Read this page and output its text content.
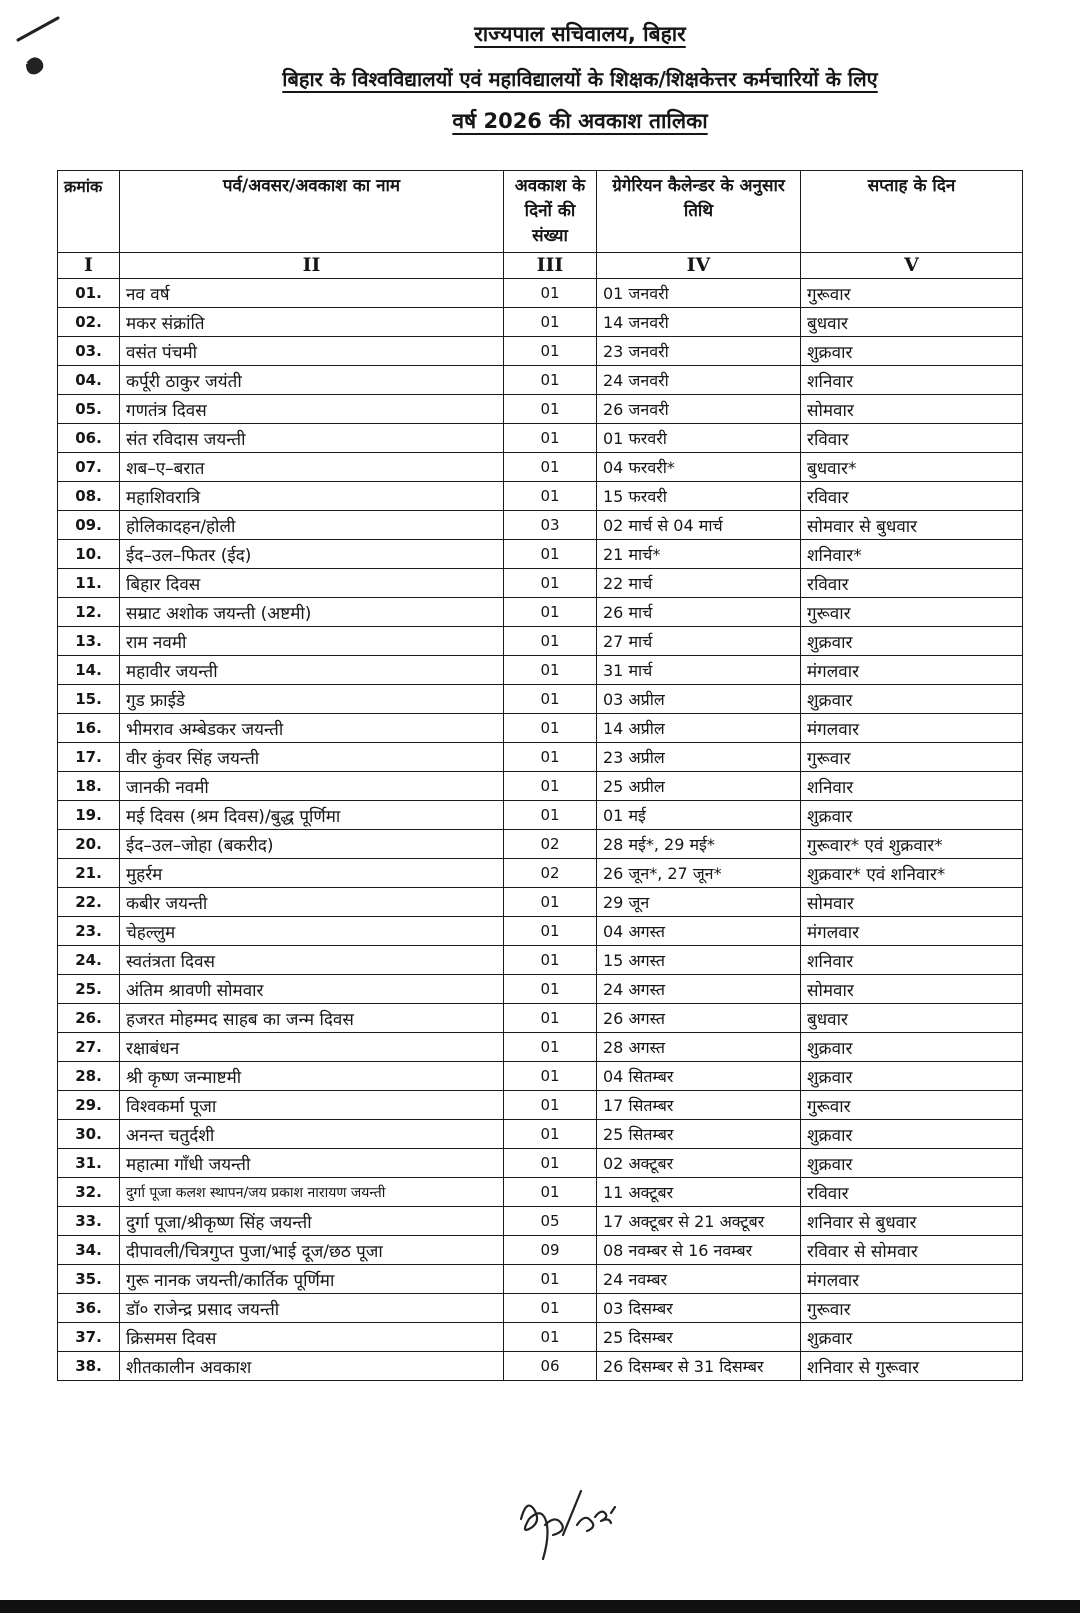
राज्यपाल सचिवालय, बिहार

बिहार के विश्वविद्यालयों एवं महाविद्यालयों के शिक्षक/शिक्षकेत्तर कर्मचारियों के लिए

वर्ष 2026 की अवकाश तालिका

क्रमांक	पर्व/अवसर/अवकाश का नाम	अवकाश के दिनों की संख्या	ग्रेगेरियन कैलेन्डर के अनुसार तिथि	सप्ताह के दिन
I	II	III	IV	V
01.	नव वर्ष	01	01 जनवरी	गुरूवार
02.	मकर संक्रांति	01	14 जनवरी	बुधवार
03.	वसंत पंचमी	01	23 जनवरी	शुक्रवार
04.	कर्पूरी ठाकुर जयंती	01	24 जनवरी	शनिवार
05.	गणतंत्र दिवस	01	26 जनवरी	सोमवार
06.	संत रविदास जयन्ती	01	01 फरवरी	रविवार
07.	शब–ए–बरात	01	04 फरवरी*	बुधवार*
08.	महाशिवरात्रि	01	15 फरवरी	रविवार
09.	होलिकादहन/होली	03	02 मार्च से 04 मार्च	सोमवार से बुधवार
10.	ईद–उल–फितर (ईद)	01	21 मार्च*	शनिवार*
11.	बिहार दिवस	01	22 मार्च	रविवार
12.	सम्राट अशोक जयन्ती (अष्टमी)	01	26 मार्च	गुरूवार
13.	राम नवमी	01	27 मार्च	शुक्रवार
14.	महावीर जयन्ती	01	31 मार्च	मंगलवार
15.	गुड फ्राईडे	01	03 अप्रील	शुक्रवार
16.	भीमराव अम्बेडकर जयन्ती	01	14 अप्रील	मंगलवार
17.	वीर कुंवर सिंह जयन्ती	01	23 अप्रील	गुरूवार
18.	जानकी नवमी	01	25 अप्रील	शनिवार
19.	मई दिवस (श्रम दिवस)/बुद्ध पूर्णिमा	01	01 मई	शुक्रवार
20.	ईद–उल–जोहा (बकरीद)	02	28 मई*, 29 मई*	गुरूवार* एवं शुक्रवार*
21.	मुहर्रम	02	26 जून*, 27 जून*	शुक्रवार* एवं शनिवार*
22.	कबीर जयन्ती	01	29 जून	सोमवार
23.	चेहल्लुम	01	04 अगस्त	मंगलवार
24.	स्वतंत्रता दिवस	01	15 अगस्त	शनिवार
25.	अंतिम श्रावणी सोमवार	01	24 अगस्त	सोमवार
26.	हजरत मोहम्मद साहब का जन्म दिवस	01	26 अगस्त	बुधवार
27.	रक्षाबंधन	01	28 अगस्त	शुक्रवार
28.	श्री कृष्ण जन्माष्टमी	01	04 सितम्बर	शुक्रवार
29.	विश्वकर्मा पूजा	01	17 सितम्बर	गुरूवार
30.	अनन्त चतुर्दशी	01	25 सितम्बर	शुक्रवार
31.	महात्मा गाँधी जयन्ती	01	02 अक्टूबर	शुक्रवार
32.	दुर्गा पूजा कलश स्थापन/जय प्रकाश नारायण जयन्ती	01	11 अक्टूबर	रविवार
33.	दुर्गा पूजा/श्रीकृष्ण सिंह जयन्ती	05	17 अक्टूबर से 21 अक्टूबर	शनिवार से बुधवार
34.	दीपावली/चित्रगुप्त पुजा/भाई दूज/छठ पूजा	09	08 नवम्बर से 16 नवम्बर	रविवार से सोमवार
35.	गुरू नानक जयन्ती/कार्तिक पूर्णिमा	01	24 नवम्बर	मंगलवार
36.	डॉ० राजेन्द्र प्रसाद जयन्ती	01	03 दिसम्बर	गुरूवार
37.	क्रिसमस दिवस	01	25 दिसम्बर	शुक्रवार
38.	शीतकालीन अवकाश	06	26 दिसम्बर से 31 दिसम्बर	शनिवार से गुरूवार
